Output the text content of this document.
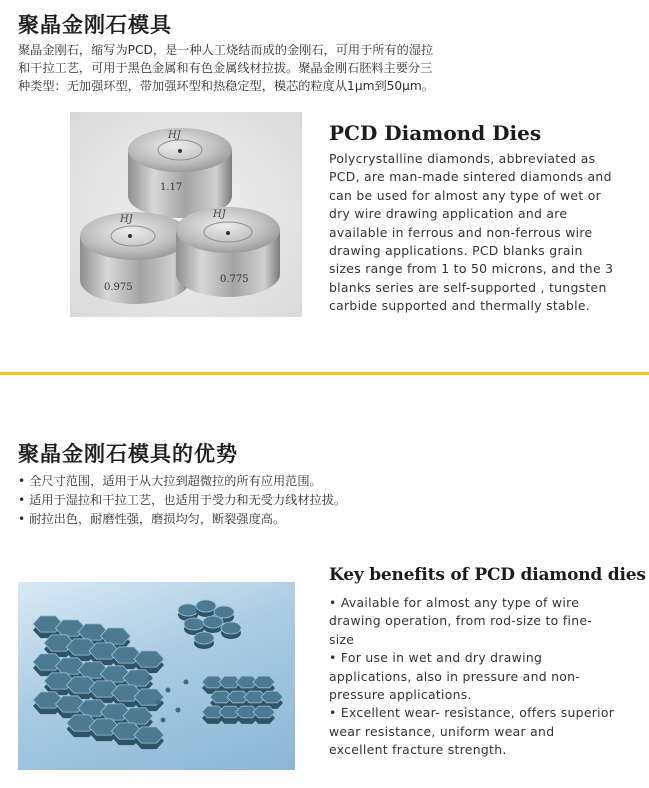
聚晶金刚石模具
聚晶金刚石，缩写为PCD，是一种人工烧结而成的金刚石，可用于所有的湿拉
和干拉工艺，可用于黑色金属和有色金属线材拉拔。聚晶金刚石胚料主要分三
种类型：无加强环型，带加强环型和热稳定型，模芯的粒度从1μm到50μm。
HJ
1.17
HJ
0.975
HJ
0.775
PCD Diamond Dies
Polycrystalline diamonds, abbreviated as
PCD, are man-made sintered diamonds and
can be used for almost any type of wet or
dry wire drawing application and are
available in ferrous and non-ferrous wire
drawing applications. PCD blanks grain
sizes range from 1 to 50 microns, and the 3
blanks series are self-supported , tungsten
carbide supported and thermally stable.
聚晶金刚石模具的优势
• 全尺寸范围，适用于从大拉到超微拉的所有应用范围。
• 适用于湿拉和干拉工艺，也适用于受力和无受力线材拉拔。
• 耐拉出色，耐磨性强，磨损均匀，断裂强度高。
Key benefits of PCD diamond dies
• Available for almost any type of wire
drawing operation, from rod-size to fine-
size
• For use in wet and dry drawing
applications, also in pressure and non-
pressure applications.
• Excellent wear- resistance, offers superior
wear resistance, uniform wear and
excellent fracture strength.
